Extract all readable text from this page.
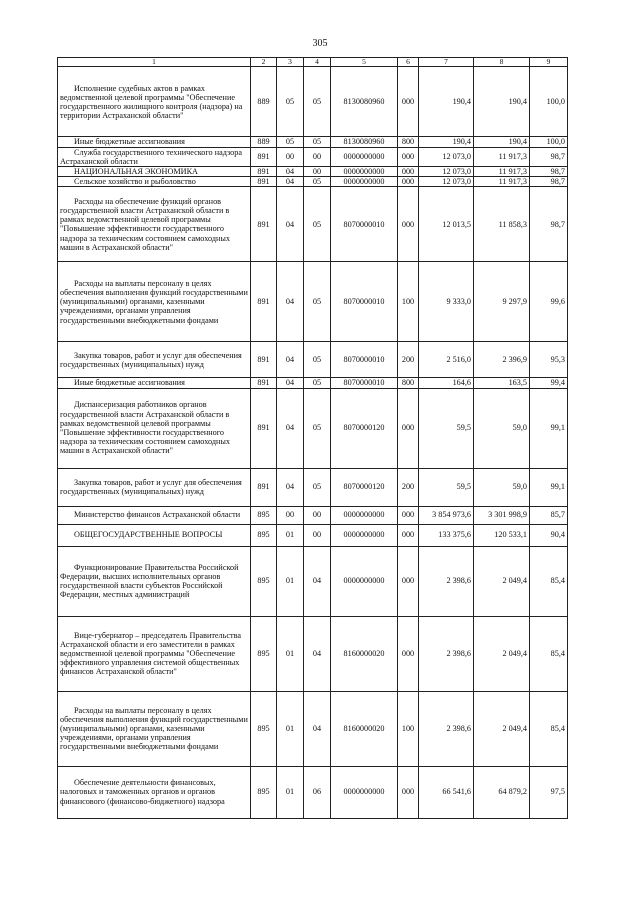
305
1	2	3	4	5	6	7	8	9

Исполнение судебных актов в рамках ведомственной целевой программы "Обеспечение государственного жилищного контроля (надзора) на территории Астраханской области"	889	05	05	8130080960	000	190,4	190,4	100,0

Иные бюджетные ассигнования	889	05	05	8130080960	800	190,4	190,4	100,0

Служба государственного технического надзора Астраханской области	891	00	00	0000000000	000	12 073,0	11 917,3	98,7

НАЦИОНАЛЬНАЯ ЭКОНОМИКА	891	04	00	0000000000	000	12 073,0	11 917,3	98,7

Сельское хозяйство и рыболовство	891	04	05	0000000000	000	12 073,0	11 917,3	98,7

Расходы на обеспечение функций органов государственной власти Астраханской области в рамках ведомственной целевой программы "Повышение эффективности государственного надзора за техническим состоянием самоходных машин в Астраханской области"	891	04	05	8070000010	000	12 013,5	11 858,3	98,7

Расходы на выплаты персоналу в целях обеспечения выполнения функций государственными (муниципальными) органами, казенными учреждениями, органами управления государственными внебюджетными фондами	891	04	05	8070000010	100	9 333,0	9 297,9	99,6

Закупка товаров, работ и услуг для обеспечения государственных (муниципальных) нужд	891	04	05	8070000010	200	2 516,0	2 396,9	95,3

Иные бюджетные ассигнования	891	04	05	8070000010	800	164,6	163,5	99,4

Диспансеризация работников органов государственной власти Астраханской области в рамках ведомственной целевой программы "Повышение эффективности государственного надзора за техническим состоянием самоходных машин в Астраханской области"	891	04	05	8070000120	000	59,5	59,0	99,1

Закупка товаров, работ и услуг для обеспечения государственных (муниципальных) нужд	891	04	05	8070000120	200	59,5	59,0	99,1

Министерство финансов Астраханской области	895	00	00	0000000000	000	3 854 973,6	3 301 998,9	85,7

ОБЩЕГОСУДАРСТВЕННЫЕ ВОПРОСЫ	895	01	00	0000000000	000	133 375,6	120 533,1	90,4

Функционирование Правительства Российской Федерации, высших исполнительных органов государственной власти субъектов Российской Федерации, местных администраций	895	01	04	0000000000	000	2 398,6	2 049,4	85,4

Вице-губернатор – председатель Правительства Астраханской области и его заместители в рамках ведомственной целевой программы "Обеспечение эффективного управления системой общественных финансов Астраханской области"	895	01	04	8160000020	000	2 398,6	2 049,4	85,4

Расходы на выплаты персоналу в целях обеспечения выполнения функций государственными (муниципальными) органами, казенными учреждениями, органами управления государственными внебюджетными фондами	895	01	04	8160000020	100	2 398,6	2 049,4	85,4

Обеспечение деятельности финансовых, налоговых и таможенных органов и органов финансового (финансово-бюджетного) надзора	895	01	06	0000000000	000	66 541,6	64 879,2	97,5
